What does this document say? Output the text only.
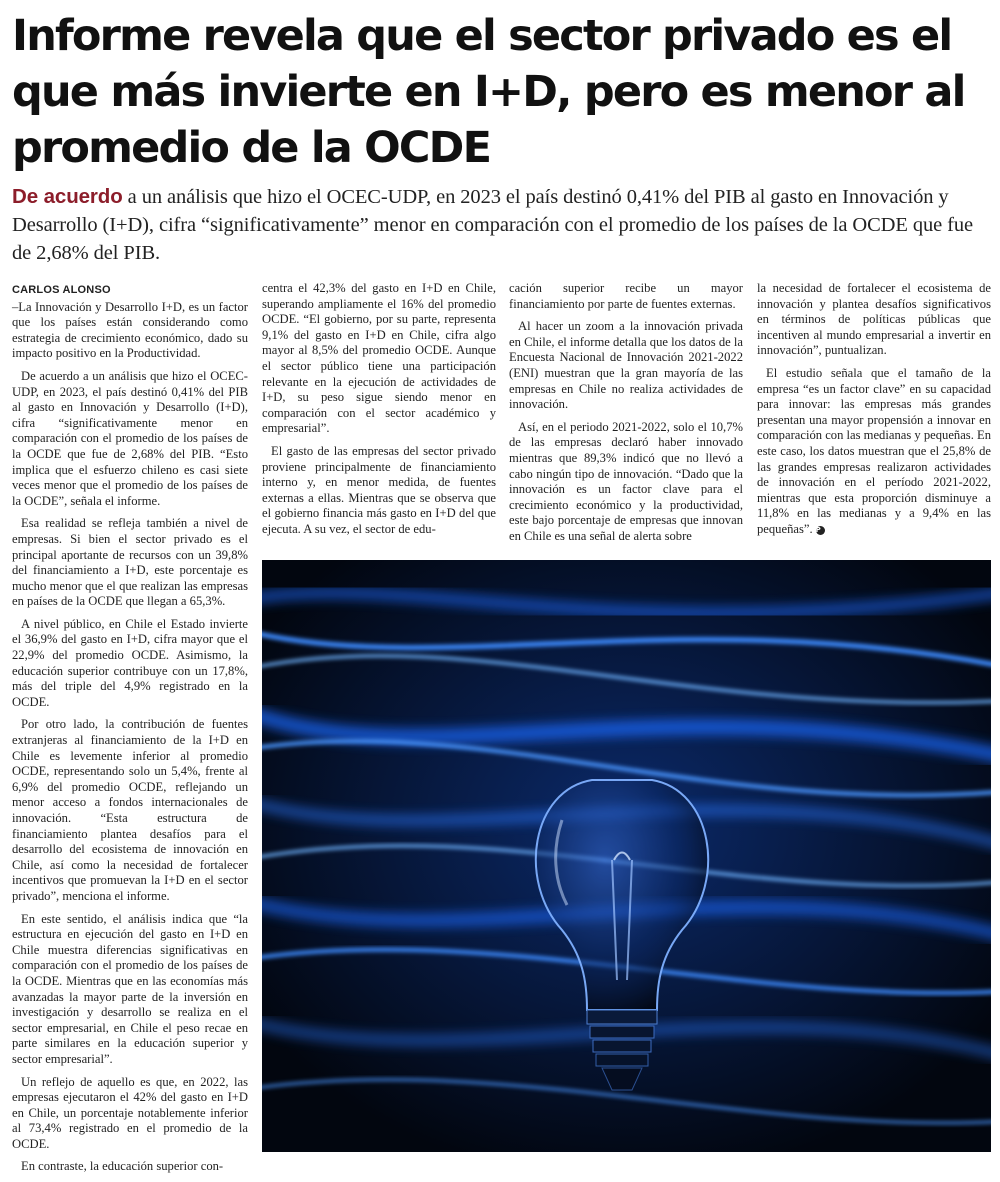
Informe revela que el sector privado es el que más invierte en I+D, pero es menor al promedio de la OCDE

De acuerdo a un análisis que hizo el OCEC-UDP, en 2023 el país destinó 0,41% del PIB al gasto en Innovación y Desarrollo (I+D), cifra “significativamente” menor en comparación con el promedio de los países de la OCDE que fue de 2,68% del PIB.

CARLOS ALONSO

–La Innovación y Desarrollo I+D, es un factor que los países están considerando como estrategia de crecimiento económico, dado su impacto positivo en la Productividad.

De acuerdo a un análisis que hizo el OCEC-UDP, en 2023, el país destinó 0,41% del PIB al gasto en Innovación y Desarrollo (I+D), cifra “significativamente menor en comparación con el promedio de los países de la OCDE que fue de 2,68% del PIB. “Esto implica que el esfuerzo chileno es casi siete veces menor que el promedio de los países de la OCDE”, señala el informe.

Esa realidad se refleja también a nivel de empresas. Si bien el sector privado es el principal aportante de recursos con un 39,8% del financiamiento a I+D, este porcentaje es mucho menor que el que realizan las empresas en países de la OCDE que llegan a 65,3%.

A nivel público, en Chile el Estado invierte el 36,9% del gasto en I+D, cifra mayor que el 22,9% del promedio OCDE. Asimismo, la educación superior contribuye con un 17,8%, más del triple del 4,9% registrado en la OCDE.

Por otro lado, la contribución de fuentes extranjeras al financiamiento de la I+D en Chile es levemente inferior al promedio OCDE, representando solo un 5,4%, frente al 6,9% del promedio OCDE, reflejando un menor acceso a fondos internacionales de innovación. “Esta estructura de financiamiento plantea desafíos para el desarrollo del ecosistema de innovación en Chile, así como la necesidad de fortalecer incentivos que promuevan la I+D en el sector privado”, menciona el informe.

En este sentido, el análisis indica que “la estructura en ejecución del gasto en I+D en Chile muestra diferencias significativas en comparación con el promedio de los países de la OCDE. Mientras que en las economías más avanzadas la mayor parte de la inversión en investigación y desarrollo se realiza en el sector empresarial, en Chile el peso recae en parte similares en la educación superior y sector empresarial”.

Un reflejo de aquello es que, en 2022, las empresas ejecutaron el 42% del gasto en I+D en Chile, un porcentaje notablemente inferior al 73,4% registrado en el promedio de la OCDE.

En contraste, la educación superior con-

centra el 42,3% del gasto en I+D en Chile, superando ampliamente el 16% del promedio OCDE. “El gobierno, por su parte, representa 9,1% del gasto en I+D en Chile, cifra algo mayor al 8,5% del promedio OCDE. Aunque el sector público tiene una participación relevante en la ejecución de actividades de I+D, su peso sigue siendo menor en comparación con el sector académico y empresarial”.

El gasto de las empresas del sector privado proviene principalmente de financiamiento interno y, en menor medida, de fuentes externas a ellas. Mientras que se observa que el gobierno financia más gasto en I+D del que ejecuta. A su vez, el sector de edu-

cación superior recibe un mayor financiamiento por parte de fuentes externas.

Al hacer un zoom a la innovación privada en Chile, el informe detalla que los datos de la Encuesta Nacional de Innovación 2021-2022 (ENI) muestran que la gran mayoría de las empresas en Chile no realiza actividades de innovación.

Así, en el periodo 2021-2022, solo el 10,7% de las empresas declaró haber innovado mientras que 89,3% indicó que no llevó a cabo ningún tipo de innovación. “Dado que la innovación es un factor clave para el crecimiento económico y la productividad, este bajo porcentaje de empresas que innovan en Chile es una señal de alerta sobre

la necesidad de fortalecer el ecosistema de innovación y plantea desafíos significativos en términos de políticas públicas que incentiven al mundo empresarial a invertir en innovación”, puntualizan.

El estudio señala que el tamaño de la empresa “es un factor clave” en su capacidad para innovar: las empresas más grandes presentan una mayor propensión a innovar en comparación con las medianas y pequeñas. En este caso, los datos muestran que el 25,8% de las grandes empresas realizaron actividades de innovación en el período 2021-2022, mientras que esta proporción disminuye a 11,8% en las medianas y a 9,4% en las pequeñas”. P
